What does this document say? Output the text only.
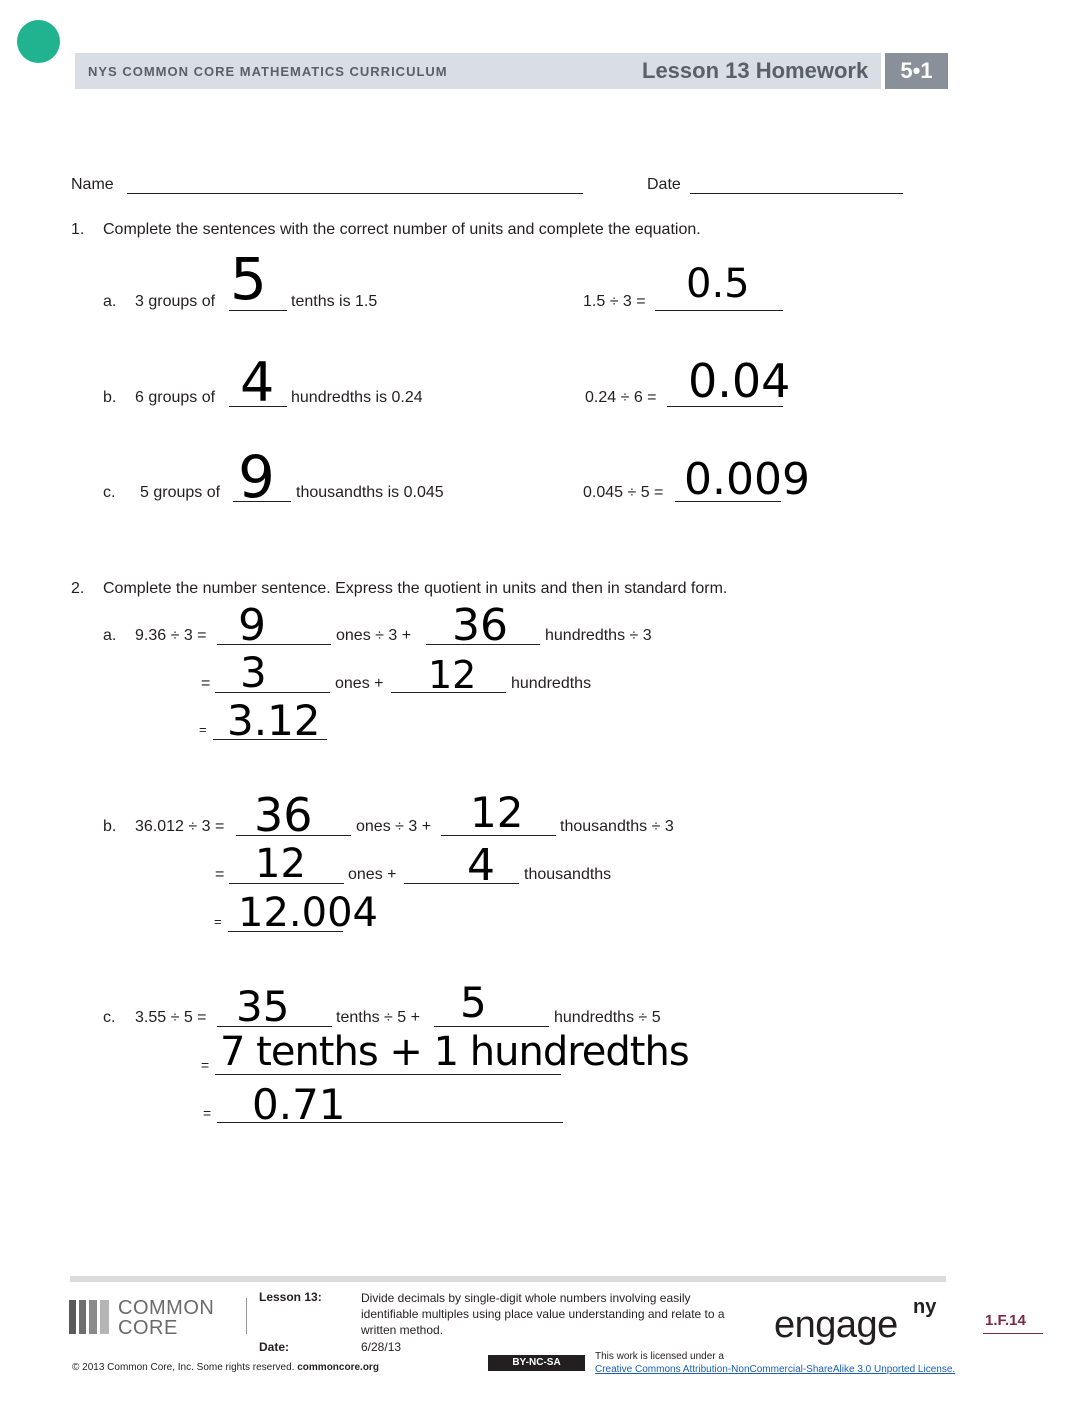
NYS COMMON CORE MATHEMATICS CURRICULUM	Lesson 13 Homework	5•1
Name	Date
1. Complete the sentences with the correct number of units and complete the equation.
a. 3 groups of 5 tenths is 1.5	1.5 ÷ 3 = 0.5
b. 6 groups of 4 hundredths is 0.24	0.24 ÷ 6 = 0.04
c. 5 groups of 9 thousandths is 0.045	0.045 ÷ 5 = 0.009
2. Complete the number sentence. Express the quotient in units and then in standard form.
a. 9.36 ÷ 3 = 9	ones ÷ 3 + 36 hundredths ÷ 3
= 3	ones + 12 hundredths
= 3.12
b. 36.012 ÷ 3 = 36	ones ÷ 3 + 12 thousandths ÷ 3
= 12	ones + 4 thousandths
= 12.004
c. 3.55 ÷ 5 = 35	tenths ÷ 5 + 5	hundredths ÷ 5
= 7 tenths + 1 hundredths
= 0.71
COMMON
CORE
Lesson 13:	Divide decimals by single-digit whole numbers involving easily identifiable multiples using place value understanding and relate to a written method.
Date:	6/28/13
© 2013 Common Core, Inc. Some rights reserved. commoncore.org	BY-NC-SA
This work is licensed under a
Creative Commons Attribution-NonCommercial-ShareAlike 3.0 Unported License.
engage ny
1.F.14
